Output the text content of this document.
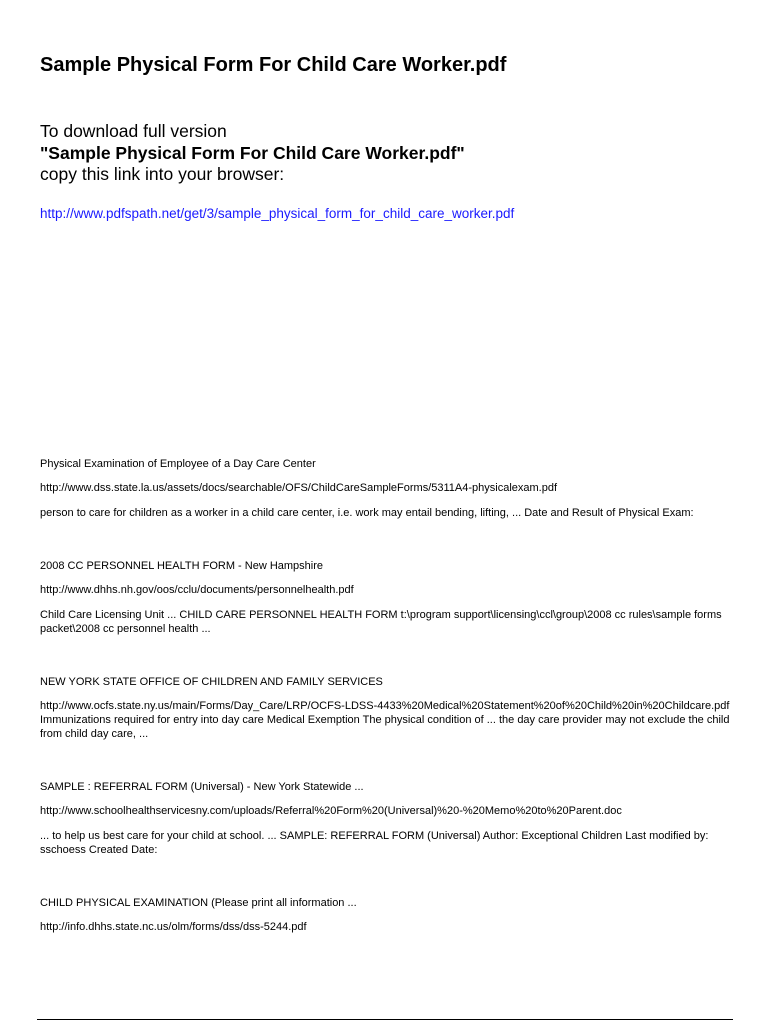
Sample Physical Form For Child Care Worker.pdf
To download full version
"Sample Physical Form For Child Care Worker.pdf"
copy this link into your browser:
http://www.pdfspath.net/get/3/sample_physical_form_for_child_care_worker.pdf
Physical Examination of Employee of a Day Care Center
http://www.dss.state.la.us/assets/docs/searchable/OFS/ChildCareSampleForms/5311A4-physicalexam.pdf
person to care for children as a worker in a child care center, i.e. work may entail bending, lifting, ... Date and Result of Physical Exam:
2008 CC PERSONNEL HEALTH FORM - New Hampshire
http://www.dhhs.nh.gov/oos/cclu/documents/personnelhealth.pdf
Child Care Licensing Unit ... CHILD CARE PERSONNEL HEALTH FORM t:\program support\licensing\ccl\group\2008 cc rules\sample forms packet\2008 cc personnel health ...
NEW YORK STATE OFFICE OF CHILDREN AND FAMILY SERVICES
http://www.ocfs.state.ny.us/main/Forms/Day_Care/LRP/OCFS-LDSS-4433%20Medical%20Statement%20of%20Child%20in%20Childcare.pdf
Immunizations required for entry into day care Medical Exemption The physical condition of ... the day care provider may not exclude the child from child day care, ...
SAMPLE : REFERRAL FORM (Universal) - New York Statewide ...
http://www.schoolhealthservicesny.com/uploads/Referral%20Form%20(Universal)%20-%20Memo%20to%20Parent.doc
... to help us best care for your child at school. ... SAMPLE: REFERRAL FORM (Universal) Author: Exceptional Children Last modified by: sschoess Created Date:
CHILD PHYSICAL EXAMINATION (Please print all information ...
http://info.dhhs.state.nc.us/olm/forms/dss/dss-5244.pdf
